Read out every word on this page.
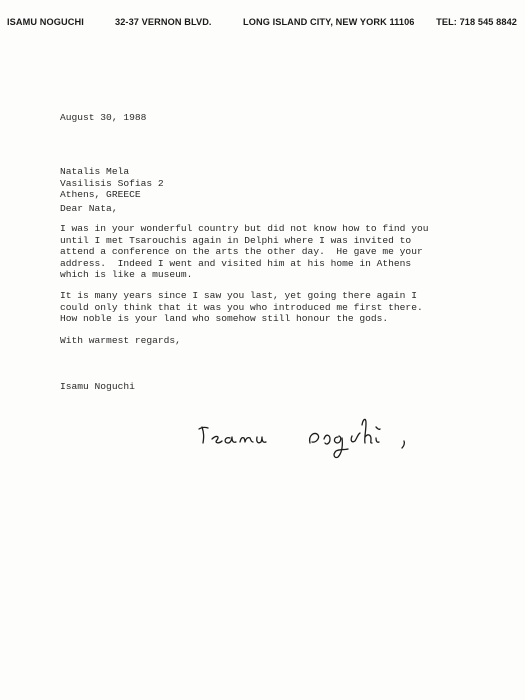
ISAMU NOGUCHI	32-37 VERNON BLVD.	LONG ISLAND CITY, NEW YORK 11106 TEL: 718 545 8842
August 30, 1988
Natalis Mela
Vasilisis Sofias 2
Athens, GREECE
Dear Nata,
I was in your wonderful country but did not know how to find you
until I met Tsarouchis again in Delphi where I was invited to
attend a conference on the arts the other day.  He gave me your
address.  Indeed I went and visited him at his home in Athens
which is like a museum.
It is many years since I saw you last, yet going there again I
could only think that it was you who introduced me first there.
How noble is your land who somehow still honour the gods.
With warmest regards,
Isamu Noguchi
